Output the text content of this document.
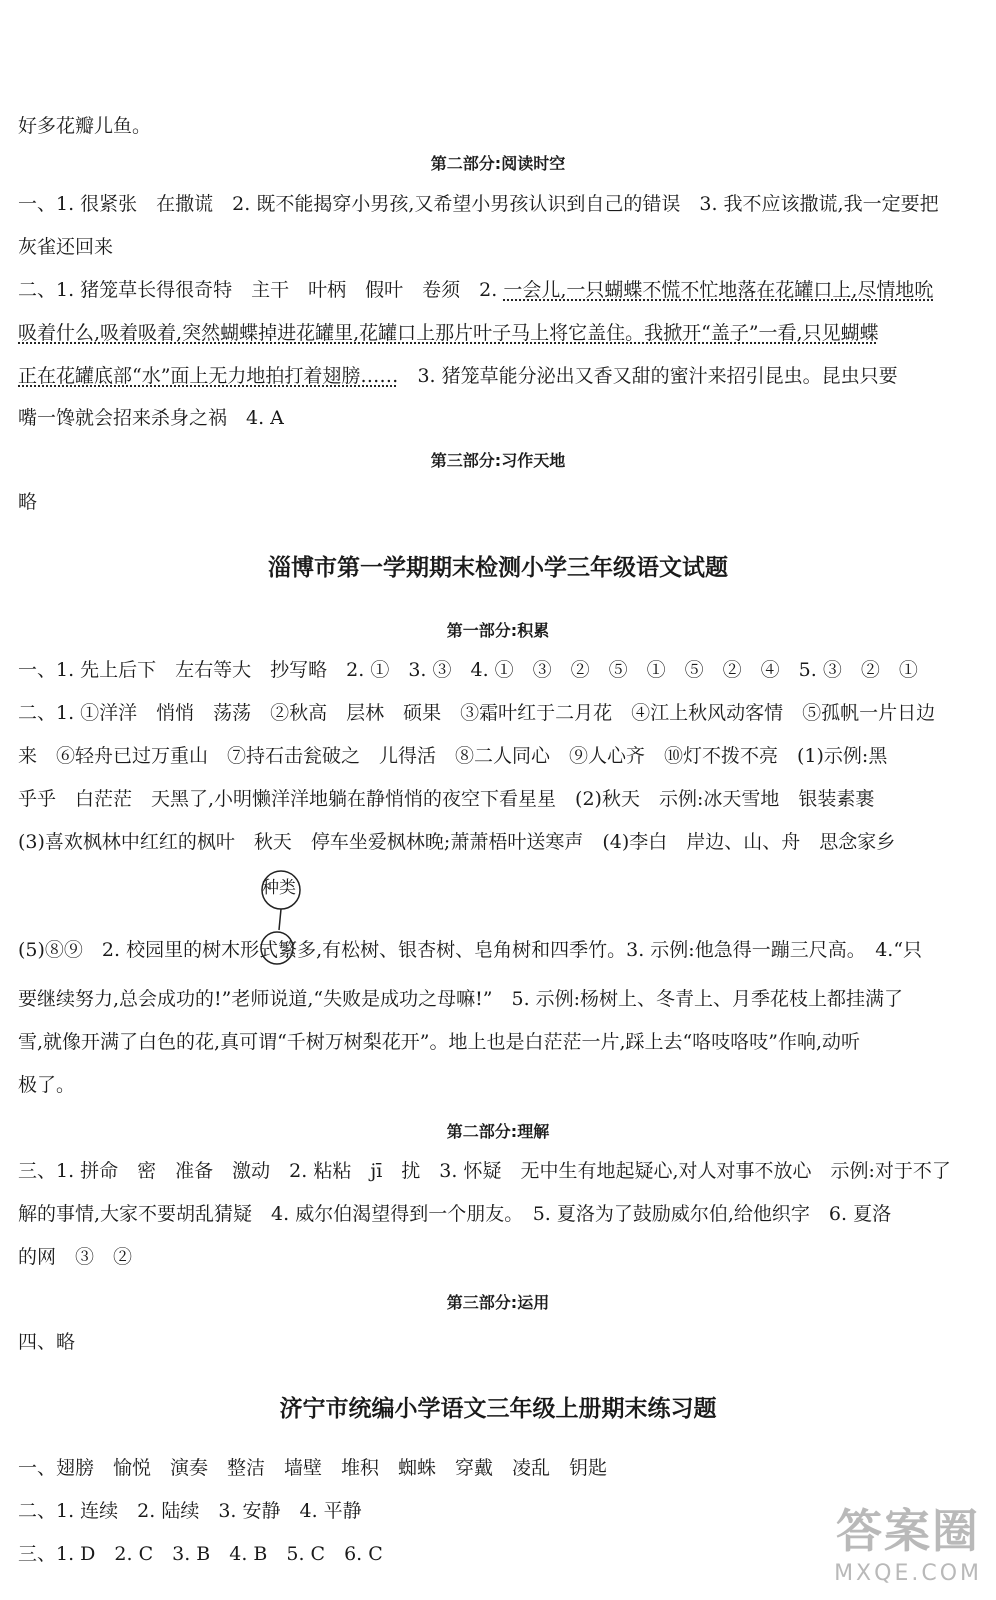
好多花瓣儿鱼。
第二部分:阅读时空
一、1. 很紧张　在撒谎　2. 既不能揭穿小男孩,又希望小男孩认识到自己的错误　3. 我不应该撒谎,我一定要把
灰雀还回来
二、1. 猪笼草长得很奇特　主干　叶柄　假叶　卷须　2. 一会儿,一只蝴蝶不慌不忙地落在花罐口上,尽情地吮
吸着什么,吸着吸着,突然蝴蝶掉进花罐里,花罐口上那片叶子马上将它盖住。我掀开“盖子”一看,只见蝴蝶
正在花罐底部“水”面上无力地拍打着翅膀……　3. 猪笼草能分泌出又香又甜的蜜汁来招引昆虫。昆虫只要
嘴一馋就会招来杀身之祸　4. A
第三部分:习作天地
略
淄博市第一学期期末检测小学三年级语文试题
第一部分:积累
一、1. 先上后下　左右等大　抄写略　2. ①　3. ③　4. ①　③　②　⑤　①　⑤　②　④　5. ③　②　①
二、1. ①洋洋　悄悄　荡荡　②秋高　层林　硕果　③霜叶红于二月花　④江上秋风动客情　⑤孤帆一片日边
来　⑥轻舟已过万重山　⑦持石击瓮破之　儿得活　⑧二人同心　⑨人心齐　⑩灯不拨不亮　(1)示例:黑
乎乎　白茫茫　天黑了,小明懒洋洋地躺在静悄悄的夜空下看星星　(2)秋天　示例:冰天雪地　银装素裹
(3)喜欢枫林中红红的枫叶　秋天　停车坐爱枫林晚;萧萧梧叶送寒声　(4)李白　岸边、山、舟　思念家乡
种类
(5)⑧⑨　2. 校园里的树木形式繁多,有松树、银杏树、皂角树和四季竹。3. 示例:他急得一蹦三尺高。　4.“只
要继续努力,总会成功的!”老师说道,“失败是成功之母嘛!”　5. 示例:杨树上、冬青上、月季花枝上都挂满了
雪,就像开满了白色的花,真可谓“千树万树梨花开”。地上也是白茫茫一片,踩上去“咯吱咯吱”作响,动听
极了。
第二部分:理解
三、1. 拼命　密　准备　激动　2. 粘粘　jī　扰　3. 怀疑　无中生有地起疑心,对人对事不放心　示例:对于不了
解的事情,大家不要胡乱猜疑　4. 威尔伯渴望得到一个朋友。　5. 夏洛为了鼓励威尔伯,给他织字　6. 夏洛
的网　③　②
第三部分:运用
四、略
济宁市统编小学语文三年级上册期末练习题
一、翅膀　愉悦　演奏　整洁　墙壁　堆积　蜘蛛　穿戴　凌乱　钥匙
二、1. 连续　2. 陆续　3. 安静　4. 平静
三、1. D　2. C　3. B　4. B　5. C　6. C	答案圈
MXQE.COM
